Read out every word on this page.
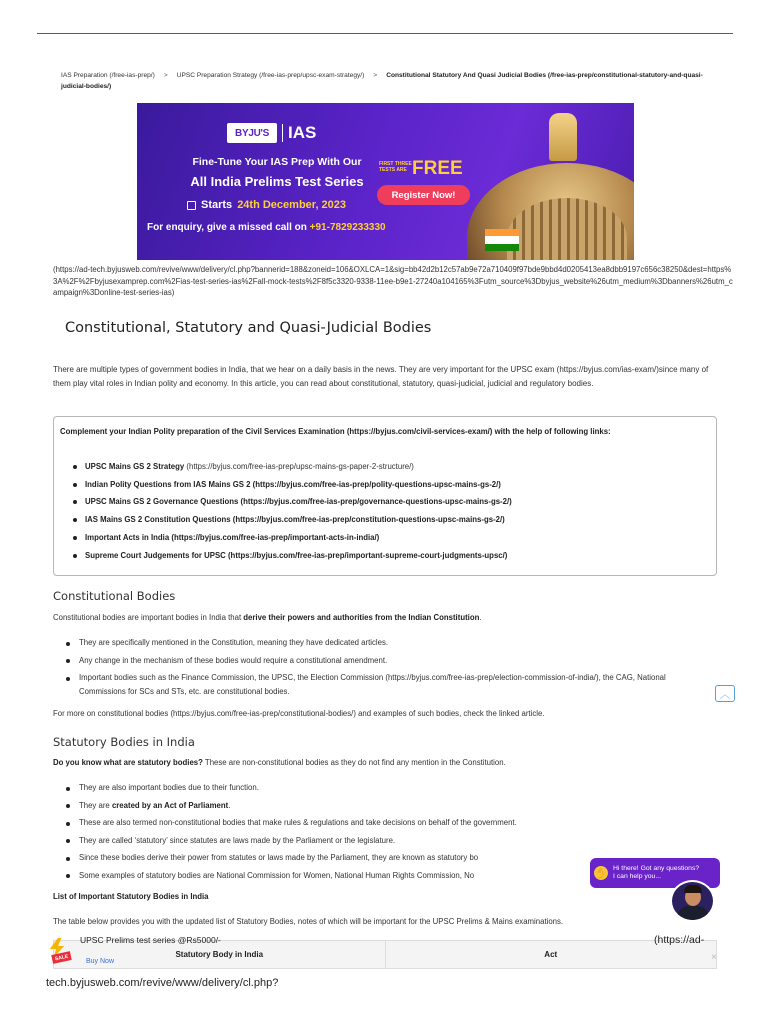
IAS Preparation (/free-ias-prep/) > UPSC Preparation Strategy (/free-ias-prep/upsc-exam-strategy/) > Constitutional Statutory And Quasi Judicial Bodies (/free-ias-prep/constitutional-statutory-and-quasi-judicial-bodies/)
BYJU'S IAS
Fine-Tune Your IAS Prep With Our
All India Prelims Test Series
Starts 24th December, 2023
For enquiry, give a missed call on +91-7829233330
FIRST THREE TESTS ARE FREE
Register Now!
(https://ad-tech.byjusweb.com/revive/www/delivery/cl.php?bannerid=188&zoneid=106&OXLCA=1&sig=bb42d2b12c57ab9e72a710409f97bde9bbd4d0205413ea8dbb9197c656c38250&dest=https%3A%2F%2Fbyjusexamprep.com%2Fias-test-series-ias%2Fall-mock-tests%2F8f5c3320-9338-11ee-b9e1-27240a104165%3Futm_source%3Dbyjus_website%26utm_medium%3Dbanners%26utm_campaign%3Donline-test-series-ias)
Constitutional, Statutory and Quasi-Judicial Bodies
There are multiple types of government bodies in India, that we hear on a daily basis in the news. They are very important for the UPSC exam (https://byjus.com/ias-exam/)since many of them play vital roles in Indian polity and economy. In this article, you can read about constitutional, statutory, quasi-judicial, judicial and regulatory bodies.
Complement your Indian Polity preparation of the Civil Services Examination (https://byjus.com/civil-services-exam/) with the help of following links:
UPSC Mains GS 2 Strategy (https://byjus.com/free-ias-prep/upsc-mains-gs-paper-2-structure/)
Indian Polity Questions from IAS Mains GS 2 (https://byjus.com/free-ias-prep/polity-questions-upsc-mains-gs-2/)
UPSC Mains GS 2 Governance Questions (https://byjus.com/free-ias-prep/governance-questions-upsc-mains-gs-2/)
IAS Mains GS 2 Constitution Questions (https://byjus.com/free-ias-prep/constitution-questions-upsc-mains-gs-2/)
Important Acts in India (https://byjus.com/free-ias-prep/important-acts-in-india/)
Supreme Court Judgements for UPSC (https://byjus.com/free-ias-prep/important-supreme-court-judgments-upsc/)
Constitutional Bodies
Constitutional bodies are important bodies in India that derive their powers and authorities from the Indian Constitution.
They are specifically mentioned in the Constitution, meaning they have dedicated articles.
Any change in the mechanism of these bodies would require a constitutional amendment.
Important bodies such as the Finance Commission, the UPSC, the Election Commission (https://byjus.com/free-ias-prep/election-commission-of-india/), the CAG, National Commissions for SCs and STs, etc. are constitutional bodies.
For more on constitutional bodies (https://byjus.com/free-ias-prep/constitutional-bodies/) and examples of such bodies, check the linked article.
︿
Statutory Bodies in India
Do you know what are statutory bodies? These are non-constitutional bodies as they do not find any mention in the Constitution.
They are also important bodies due to their function.
They are created by an Act of Parliament.
These are also termed non-constitutional bodies that make rules & regulations and take decisions on behalf of the government.
They are called ‘statutory’ since statutes are laws made by the Parliament or the legislature.
Since these bodies derive their power from statutes or laws made by the Parliament, they are known as statutory bo
Some examples of statutory bodies are National Commission for Women, National Human Rights Commission, No
List of Important Statutory Bodies in India
The table below provides you with the updated list of Statutory Bodies, notes of which will be important for the UPSC Prelims & Mains examinations.
✋ Hi there! Got any questions?
I can help you...
Statutory Body in India	Act
SALE
UPSC Prelims test series @Rs5000/-
Buy Now
(https://ad-
×
tech.byjusweb.com/revive/www/delivery/cl.php?
